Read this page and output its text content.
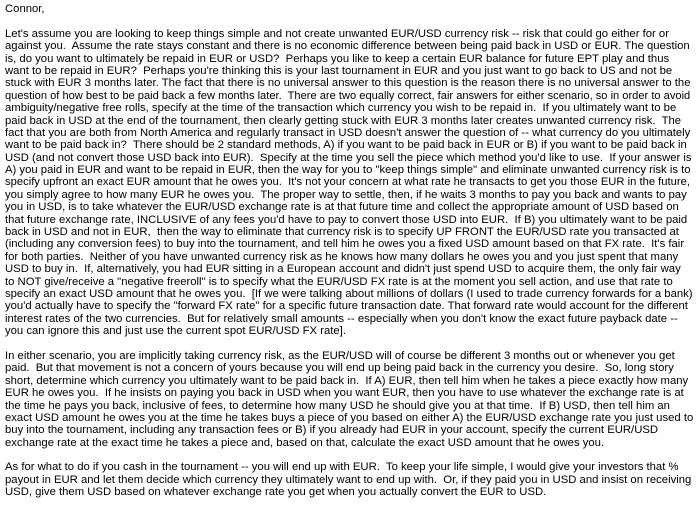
Connor,
Let's assume you are looking to keep things simple and not create unwanted EUR/USD currency risk -- risk that could go either for or
against you.  Assume the rate stays constant and there is no economic difference between being paid back in USD or EUR. The question
is, do you want to ultimately be repaid in EUR or USD?  Perhaps you like to keep a certain EUR balance for future EPT play and thus
want to be repaid in EUR?  Perhaps you're thinking this is your last tournament in EUR and you just want to go back to US and not be
stuck with EUR 3 months later. The fact that there is no universal answer to this question is the reason there is no universal answer to the
question of how best to be paid back a few months later.  There are two equally correct, fair answers for either scenario, so in order to avoid
ambiguity/negative free rolls, specify at the time of the transaction which currency you wish to be repaid in.  If you ultimately want to be
paid back in USD at the end of the tournament, then clearly getting stuck with EUR 3 months later creates unwanted currency risk.  The
fact that you are both from North America and regularly transact in USD doesn't answer the question of -- what currency do you ultimately
want to be paid back in?  There should be 2 standard methods, A) if you want to be paid back in EUR or B) if you want to be paid back in
USD (and not convert those USD back into EUR).  Specify at the time you sell the piece which method you'd like to use.  If your answer is
A) you paid in EUR and want to be repaid in EUR, then the way for you to "keep things simple" and eliminate unwanted currency risk is to
specify upfront an exact EUR amount that he owes you.  It's not your concern at what rate he transacts to get you those EUR in the future,
you simply agree to how many EUR he owes you.  The proper way to settle, then, if he waits 3 months to pay you back and wants to pay
you in USD, is to take whatever the EUR/USD exchange rate is at that future time and collect the appropriate amount of USD based on
that future exchange rate, INCLUSIVE of any fees you'd have to pay to convert those USD into EUR.  If B) you ultimately want to be paid
back in USD and not in EUR,  then the way to eliminate that currency risk is to specify UP FRONT the EUR/USD rate you transacted at
(including any conversion fees) to buy into the tournament, and tell him he owes you a fixed USD amount based on that FX rate.  It's fair
for both parties.  Neither of you have unwanted currency risk as he knows how many dollars he owes you and you just spent that many
USD to buy in.  If, alternatively, you had EUR sitting in a European account and didn't just spend USD to acquire them, the only fair way
to NOT give/receive a "negative freeroll" is to specify what the EUR/USD FX rate is at the moment you sell action, and use that rate to
specify an exact USD amount that he owes you.  [If we were talking about millions of dollars (I used to trade currency forwards for a bank)
you'd actually have to specify the "forward FX rate" for a specific future transaction date. That forward rate would account for the different
interest rates of the two currencies.  But for relatively small amounts -- especially when you don't know the exact future payback date --
you can ignore this and just use the current spot EUR/USD FX rate].
In either scenario, you are implicitly taking currency risk, as the EUR/USD will of course be different 3 months out or whenever you get
paid.  But that movement is not a concern of yours because you will end up being paid back in the currency you desire.  So, long story
short, determine which currency you ultimately want to be paid back in.  If A) EUR, then tell him when he takes a piece exactly how many
EUR he owes you.  If he insists on paying you back in USD when you want EUR, then you have to use whatever the exchange rate is at
the time he pays you back, inclusive of fees, to determine how many USD he should give you at that time.  If B) USD, then tell him an
exact USD amount he owes you at the time he takes buys a piece of you based on either A) the EUR/USD exchange rate you just used to
buy into the tournament, including any transaction fees or B) if you already had EUR in your account, specify the current EUR/USD
exchange rate at the exact time he takes a piece and, based on that, calculate the exact USD amount that he owes you.
As for what to do if you cash in the tournament -- you will end up with EUR.  To keep your life simple, I would give your investors that %
payout in EUR and let them decide which currency they ultimately want to end up with.  Or, if they paid you in USD and insist on receiving
USD, give them USD based on whatever exchange rate you get when you actually convert the EUR to USD.
